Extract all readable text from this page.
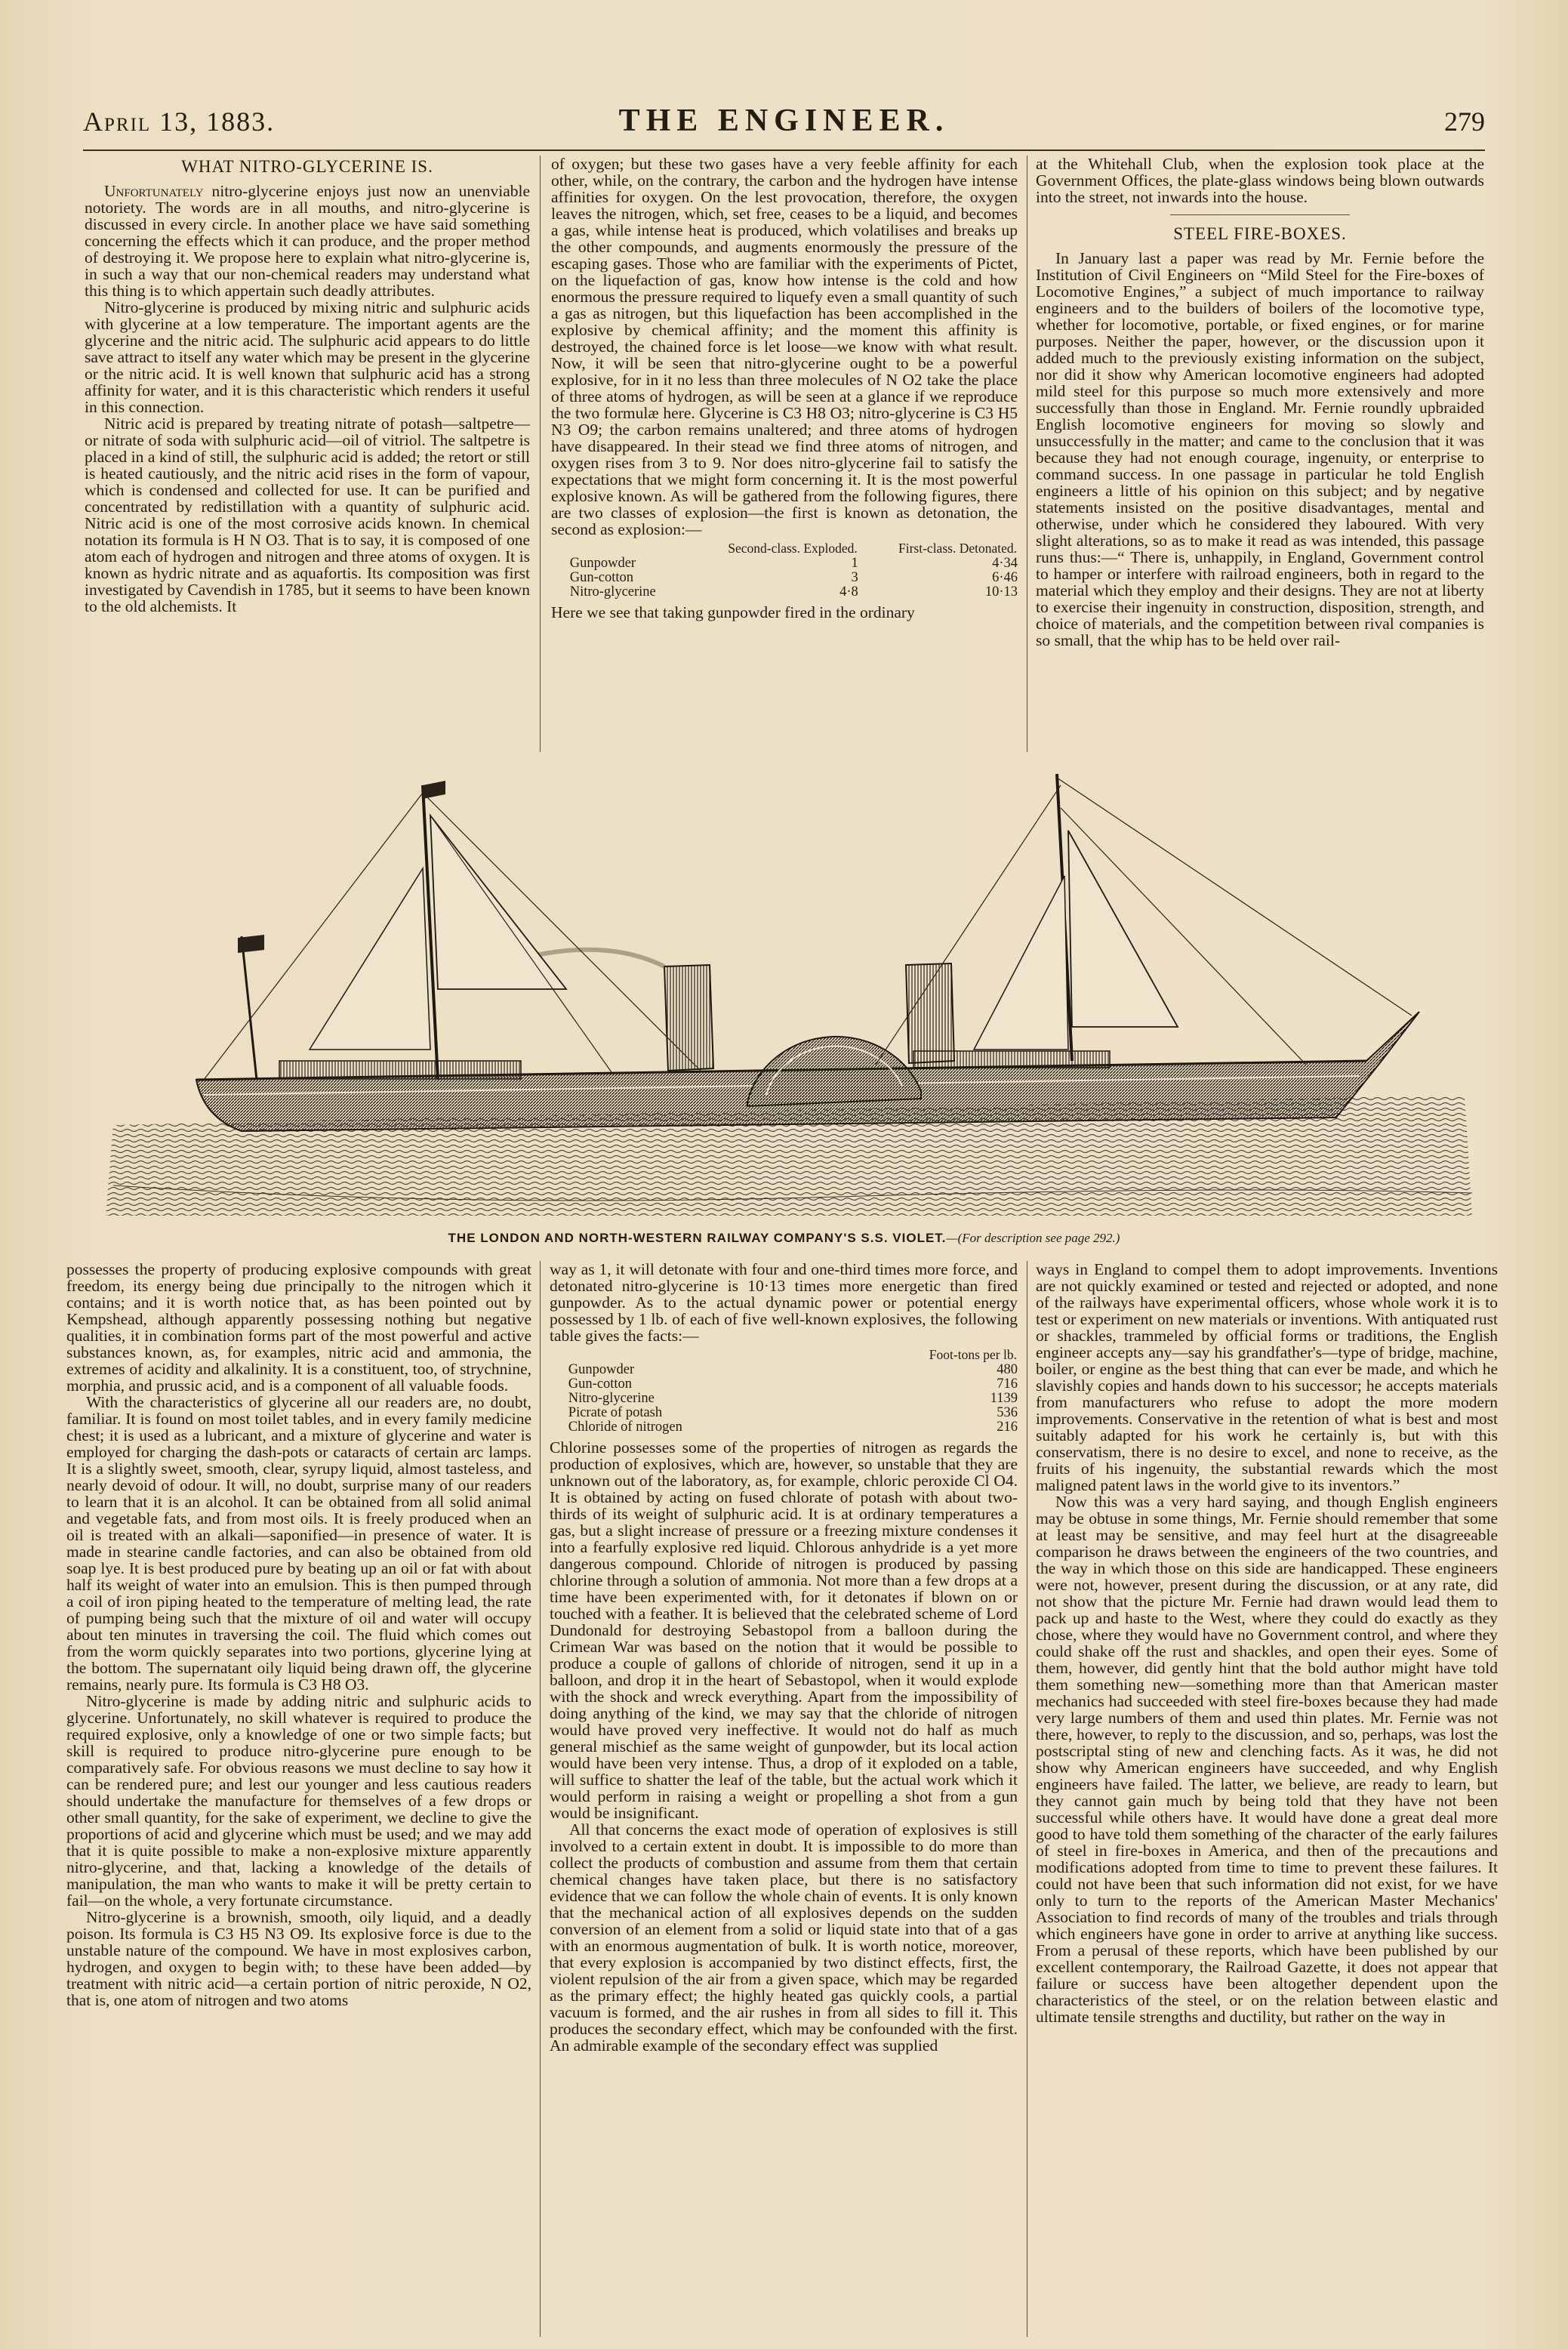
April 13, 1883.	THE ENGINEER.	279
WHAT NITRO-GLYCERINE IS.

Unfortunately nitro-glycerine enjoys just now an unenviable notoriety. The words are in all mouths, and nitro-glycerine is discussed in every circle. In another place we have said something concerning the effects which it can produce, and the proper method of destroying it. We propose here to explain what nitro-glycerine is, in such a way that our non-chemical readers may understand what this thing is to which appertain such deadly attributes.

Nitro-glycerine is produced by mixing nitric and sulphuric acids with glycerine at a low temperature. The important agents are the glycerine and the nitric acid. The sulphuric acid appears to do little save attract to itself any water which may be present in the glycerine or the nitric acid. It is well known that sulphuric acid has a strong affinity for water, and it is this characteristic which renders it useful in this connection.

Nitric acid is prepared by treating nitrate of potash—saltpetre—or nitrate of soda with sulphuric acid—oil of vitriol. The saltpetre is placed in a kind of still, the sulphuric acid is added; the retort or still is heated cautiously, and the nitric acid rises in the form of vapour, which is condensed and collected for use. It can be purified and concentrated by redistillation with a quantity of sulphuric acid. Nitric acid is one of the most corrosive acids known. In chemical notation its formula is H N O3. That is to say, it is composed of one atom each of hydrogen and nitrogen and three atoms of oxygen. It is known as hydric nitrate and as aquafortis. Its composition was first investigated by Cavendish in 1785, but it seems to have been known to the old alchemists. It

of oxygen; but these two gases have a very feeble affinity for each other, while, on the contrary, the carbon and the hydrogen have intense affinities for oxygen. On the lest provocation, therefore, the oxygen leaves the nitrogen, which, set free, ceases to be a liquid, and becomes a gas, while intense heat is produced, which volatilises and breaks up the other compounds, and augments enormously the pressure of the escaping gases. Those who are familiar with the experiments of Pictet, on the liquefaction of gas, know how intense is the cold and how enormous the pressure required to liquefy even a small quantity of such a gas as nitrogen, but this liquefaction has been accomplished in the explosive by chemical affinity; and the moment this affinity is destroyed, the chained force is let loose—we know with what result. Now, it will be seen that nitro-glycerine ought to be a powerful explosive, for in it no less than three molecules of N O2 take the place of three atoms of hydrogen, as will be seen at a glance if we reproduce the two formulæ here. Glycerine is C3 H8 O3; nitro-glycerine is C3 H5 N3 O9; the carbon remains unaltered; and three atoms of hydrogen have disappeared. In their stead we find three atoms of nitrogen, and oxygen rises from 3 to 9. Nor does nitro-glycerine fail to satisfy the expectations that we might form concerning it. It is the most powerful explosive known. As will be gathered from the following figures, there are two classes of explosion—the first is known as detonation, the second as explosion:—

	Second-class. Exploded.	First-class. Detonated.
Gunpowder	1	4·34
Gun-cotton	3	6·46
Nitro-glycerine	4·8	10·13

Here we see that taking gunpowder fired in the ordinary

at the Whitehall Club, when the explosion took place at the Government Offices, the plate-glass windows being blown outwards into the street, not inwards into the house.

STEEL FIRE-BOXES.

In January last a paper was read by Mr. Fernie before the Institution of Civil Engineers on “Mild Steel for the Fire-boxes of Locomotive Engines,” a subject of much importance to railway engineers and to the builders of boilers of the locomotive type, whether for locomotive, portable, or fixed engines, or for marine purposes. Neither the paper, however, or the discussion upon it added much to the previously existing information on the subject, nor did it show why American locomotive engineers had adopted mild steel for this purpose so much more extensively and more successfully than those in England. Mr. Fernie roundly upbraided English locomotive engineers for moving so slowly and unsuccessfully in the matter; and came to the conclusion that it was because they had not enough courage, ingenuity, or enterprise to command success. In one passage in particular he told English engineers a little of his opinion on this subject; and by negative statements insisted on the positive disadvantages, mental and otherwise, under which he considered they laboured. With very slight alterations, so as to make it read as was intended, this passage runs thus:—“ There is, unhappily, in England, Government control to hamper or interfere with railroad engineers, both in regard to the material which they employ and their designs. They are not at liberty to exercise their ingenuity in construction, disposition, strength, and choice of materials, and the competition between rival companies is so small, that the whip has to be held over rail-

THE LONDON AND NORTH-WESTERN RAILWAY COMPANY'S S.S. VIOLET.—(For description see page 292.)

possesses the property of producing explosive compounds with great freedom, its energy being due principally to the nitrogen which it contains; and it is worth notice that, as has been pointed out by Kempshead, although apparently possessing nothing but negative qualities, it in combination forms part of the most powerful and active substances known, as, for examples, nitric acid and ammonia, the extremes of acidity and alkalinity. It is a constituent, too, of strychnine, morphia, and prussic acid, and is a component of all valuable foods.

With the characteristics of glycerine all our readers are, no doubt, familiar. It is found on most toilet tables, and in every family medicine chest; it is used as a lubricant, and a mixture of glycerine and water is employed for charging the dash-pots or cataracts of certain arc lamps. It is a slightly sweet, smooth, clear, syrupy liquid, almost tasteless, and nearly devoid of odour. It will, no doubt, surprise many of our readers to learn that it is an alcohol. It can be obtained from all solid animal and vegetable fats, and from most oils. It is freely produced when an oil is treated with an alkali—saponified—in presence of water. It is made in stearine candle factories, and can also be obtained from old soap lye. It is best produced pure by beating up an oil or fat with about half its weight of water into an emulsion. This is then pumped through a coil of iron piping heated to the temperature of melting lead, the rate of pumping being such that the mixture of oil and water will occupy about ten minutes in traversing the coil. The fluid which comes out from the worm quickly separates into two portions, glycerine lying at the bottom. The supernatant oily liquid being drawn off, the glycerine remains, nearly pure. Its formula is C3 H8 O3.

Nitro-glycerine is made by adding nitric and sulphuric acids to glycerine. Unfortunately, no skill whatever is required to produce the required explosive, only a knowledge of one or two simple facts; but skill is required to produce nitro-glycerine pure enough to be comparatively safe. For obvious reasons we must decline to say how it can be rendered pure; and lest our younger and less cautious readers should undertake the manufacture for themselves of a few drops or other small quantity, for the sake of experiment, we decline to give the proportions of acid and glycerine which must be used; and we may add that it is quite possible to make a non-explosive mixture apparently nitro-glycerine, and that, lacking a knowledge of the details of manipulation, the man who wants to make it will be pretty certain to fail—on the whole, a very fortunate circumstance.

Nitro-glycerine is a brownish, smooth, oily liquid, and a deadly poison. Its formula is C3 H5 N3 O9. Its explosive force is due to the unstable nature of the compound. We have in most explosives carbon, hydrogen, and oxygen to begin with; to these have been added—by treatment with nitric acid—a certain portion of nitric peroxide, N O2, that is, one atom of nitrogen and two atoms

way as 1, it will detonate with four and one-third times more force, and detonated nitro-glycerine is 10·13 times more energetic than fired gunpowder. As to the actual dynamic power or potential energy possessed by 1 lb. of each of five well-known explosives, the following table gives the facts:—

	Foot-tons per lb.
Gunpowder	480
Gun-cotton	716
Nitro-glycerine	1139
Picrate of potash	536
Chloride of nitrogen	216

Chlorine possesses some of the properties of nitrogen as regards the production of explosives, which are, however, so unstable that they are unknown out of the laboratory, as, for example, chloric peroxide Cl O4. It is obtained by acting on fused chlorate of potash with about two-thirds of its weight of sulphuric acid. It is at ordinary temperatures a gas, but a slight increase of pressure or a freezing mixture condenses it into a fearfully explosive red liquid. Chlorous anhydride is a yet more dangerous compound. Chloride of nitrogen is produced by passing chlorine through a solution of ammonia. Not more than a few drops at a time have been experimented with, for it detonates if blown on or touched with a feather. It is believed that the celebrated scheme of Lord Dundonald for destroying Sebastopol from a balloon during the Crimean War was based on the notion that it would be possible to produce a couple of gallons of chloride of nitrogen, send it up in a balloon, and drop it in the heart of Sebastopol, when it would explode with the shock and wreck everything. Apart from the impossibility of doing anything of the kind, we may say that the chloride of nitrogen would have proved very ineffective. It would not do half as much general mischief as the same weight of gunpowder, but its local action would have been very intense. Thus, a drop of it exploded on a table, will suffice to shatter the leaf of the table, but the actual work which it would perform in raising a weight or propelling a shot from a gun would be insignificant.

All that concerns the exact mode of operation of explosives is still involved to a certain extent in doubt. It is impossible to do more than collect the products of combustion and assume from them that certain chemical changes have taken place, but there is no satisfactory evidence that we can follow the whole chain of events. It is only known that the mechanical action of all explosives depends on the sudden conversion of an element from a solid or liquid state into that of a gas with an enormous augmentation of bulk. It is worth notice, moreover, that every explosion is accompanied by two distinct effects, first, the violent repulsion of the air from a given space, which may be regarded as the primary effect; the highly heated gas quickly cools, a partial vacuum is formed, and the air rushes in from all sides to fill it. This produces the secondary effect, which may be confounded with the first. An admirable example of the secondary effect was supplied

ways in England to compel them to adopt improvements. Inventions are not quickly examined or tested and rejected or adopted, and none of the railways have experimental officers, whose whole work it is to test or experiment on new materials or inventions. With antiquated rust or shackles, trammeled by official forms or traditions, the English engineer accepts any—say his grandfather's—type of bridge, machine, boiler, or engine as the best thing that can ever be made, and which he slavishly copies and hands down to his successor; he accepts materials from manufacturers who refuse to adopt the more modern improvements. Conservative in the retention of what is best and most suitably adapted for his work he certainly is, but with this conservatism, there is no desire to excel, and none to receive, as the fruits of his ingenuity, the substantial rewards which the most maligned patent laws in the world give to its inventors.”

Now this was a very hard saying, and though English engineers may be obtuse in some things, Mr. Fernie should remember that some at least may be sensitive, and may feel hurt at the disagreeable comparison he draws between the engineers of the two countries, and the way in which those on this side are handicapped. These engineers were not, however, present during the discussion, or at any rate, did not show that the picture Mr. Fernie had drawn would lead them to pack up and haste to the West, where they could do exactly as they chose, where they would have no Government control, and where they could shake off the rust and shackles, and open their eyes. Some of them, however, did gently hint that the bold author might have told them something new—something more than that American master mechanics had succeeded with steel fire-boxes because they had made very large numbers of them and used thin plates. Mr. Fernie was not there, however, to reply to the discussion, and so, perhaps, was lost the postscriptal sting of new and clenching facts. As it was, he did not show why American engineers have succeeded, and why English engineers have failed. The latter, we believe, are ready to learn, but they cannot gain much by being told that they have not been successful while others have. It would have done a great deal more good to have told them something of the character of the early failures of steel in fire-boxes in America, and then of the precautions and modifications adopted from time to time to prevent these failures. It could not have been that such information did not exist, for we have only to turn to the reports of the American Master Mechanics' Association to find records of many of the troubles and trials through which engineers have gone in order to arrive at anything like success. From a perusal of these reports, which have been published by our excellent contemporary, the Railroad Gazette, it does not appear that failure or success have been altogether dependent upon the characteristics of the steel, or on the relation between elastic and ultimate tensile strengths and ductility, but rather on the way in
